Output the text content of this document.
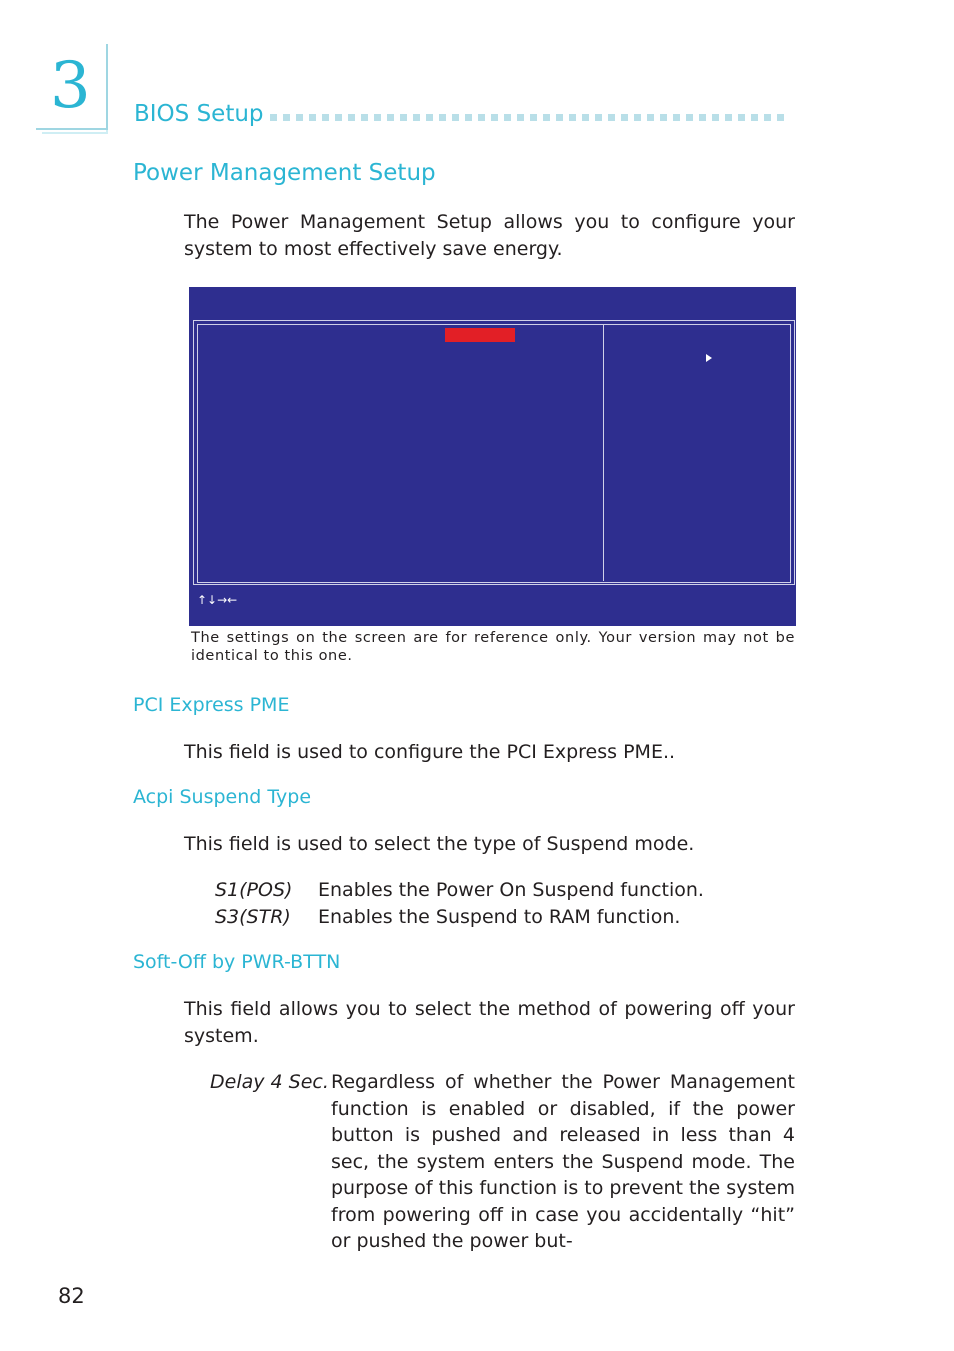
3 BIOS Setup
Power Management Setup
The Power Management Setup allows you to configure your system to most effectively save energy.
↑↓→←
The settings on the screen are for reference only. Your version may not be identical to this one.
PCI Express PME
This field is used to configure the PCI Express PME..
Acpi Suspend Type
This field is used to select the type of Suspend mode.
S1(POS) Enables the Power On Suspend function.
S3(STR) Enables the Suspend to RAM function.
Soft-Off by PWR-BTTN
This field allows you to select the method of powering off your system.
Delay 4 Sec. Regardless of whether the Power Management function is enabled or disabled, if the power button is pushed and released in less than 4 sec, the system enters the Suspend mode. The purpose of this function is to prevent the system from powering off in case you accidentally “hit” or pushed the power but-
82
